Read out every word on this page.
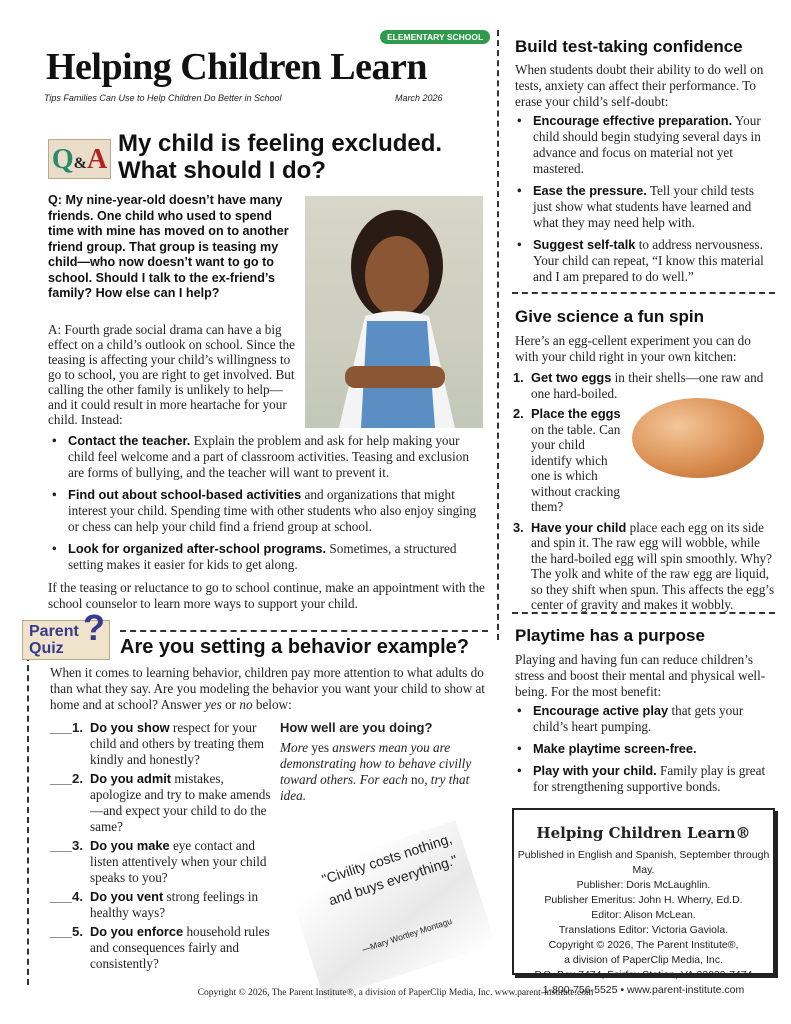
ELEMENTARY SCHOOL
Helping Children Learn
Tips Families Can Use to Help Children Do Better in School	March 2026
Q&A
My child is feeling excluded.
What should I do?

Q: My nine-year-old doesn’t have many friends. One child who used to spend time with mine has moved on to another friend group. That group is teasing my child—who now doesn’t want to go to school. Should I talk to the ex-friend’s family? How else can I help?

A: Fourth grade social drama can have a big effect on a child’s outlook on school. Since the teasing is affecting your child’s willingness to go to school, you are right to get involved. But calling the other family is unlikely to help—and it could result in more heartache for your child. Instead:

• Contact the teacher. Explain the problem and ask for help making your child feel welcome and a part of classroom activities. Teasing and exclusion are forms of bullying, and the teacher will want to prevent it.
• Find out about school-based activities and organizations that might interest your child. Spending time with other students who also enjoy singing or chess can help your child find a friend group at school.
• Look for organized after-school programs. Sometimes, a structured setting makes it easier for kids to get along.

If the teasing or reluctance to go to school continue, make an appointment with the school counselor to learn more ways to support your child.

Parent
Quiz
? Are you setting a behavior example?

When it comes to learning behavior, children pay more attention to what adults do than what they say. Are you modeling the behavior you want your child to show at home and at school? Answer yes or no below:

___1. Do you show respect for your child and others by treating them kindly and honestly?
___2. Do you admit mistakes, apologize and try to make amends—and expect your child to do the same?
___3. Do you make eye contact and listen attentively when your child speaks to you?
___4. Do you vent strong feelings in healthy ways?
___5. Do you enforce household rules and consequences fairly and consistently?
How well are you doing?

More yes answers mean you are demonstrating how to behave civilly toward others. For each no, try that idea.

"Civility costs nothing, and buys everything."
—Mary Wortley Montagu
Build test-taking confidence

When students doubt their ability to do well on tests, anxiety can affect their performance. To erase your child’s self-doubt:

• Encourage effective preparation. Your child should begin studying several days in advance and focus on material not yet mastered.
• Ease the pressure. Tell your child tests just show what students have learned and what they may need help with.
• Suggest self-talk to address nervousness. Your child can repeat, “I know this material and I am prepared to do well.”
Give science a fun spin

Here’s an egg-cellent experiment you can do with your child right in your own kitchen:

1. Get two eggs in their shells—one raw and one hard-boiled.
2. Place the eggs on the table. Can your child identify which one is which without cracking them?
3. Have your child place each egg on its side and spin it. The raw egg will wobble, while the hard-boiled egg will spin smoothly. Why? The yolk and white of the raw egg are liquid, so they shift when spun. This affects the egg’s center of gravity and makes it wobbly.
Playtime has a purpose

Playing and having fun can reduce children’s stress and boost their mental and physical well-being. For the most benefit:

• Encourage active play that gets your child’s heart pumping.
• Make playtime screen-free.
• Play with your child. Family play is great for strengthening supportive bonds.
Helping Children Learn®
Published in English and Spanish, September through May.
Publisher: Doris McLaughlin.
Publisher Emeritus: John H. Wherry, Ed.D.
Editor: Alison McLean.
Translations Editor: Victoria Gaviola.
Copyright © 2026, The Parent Institute®,
a division of PaperClip Media, Inc.
P.O. Box 7474, Fairfax Station, VA 22039-7474
1-800-756-5525 • www.parent-institute.com
Copyright © 2026, The Parent Institute®, a division of PaperClip Media, Inc. www.parent-institute.com
